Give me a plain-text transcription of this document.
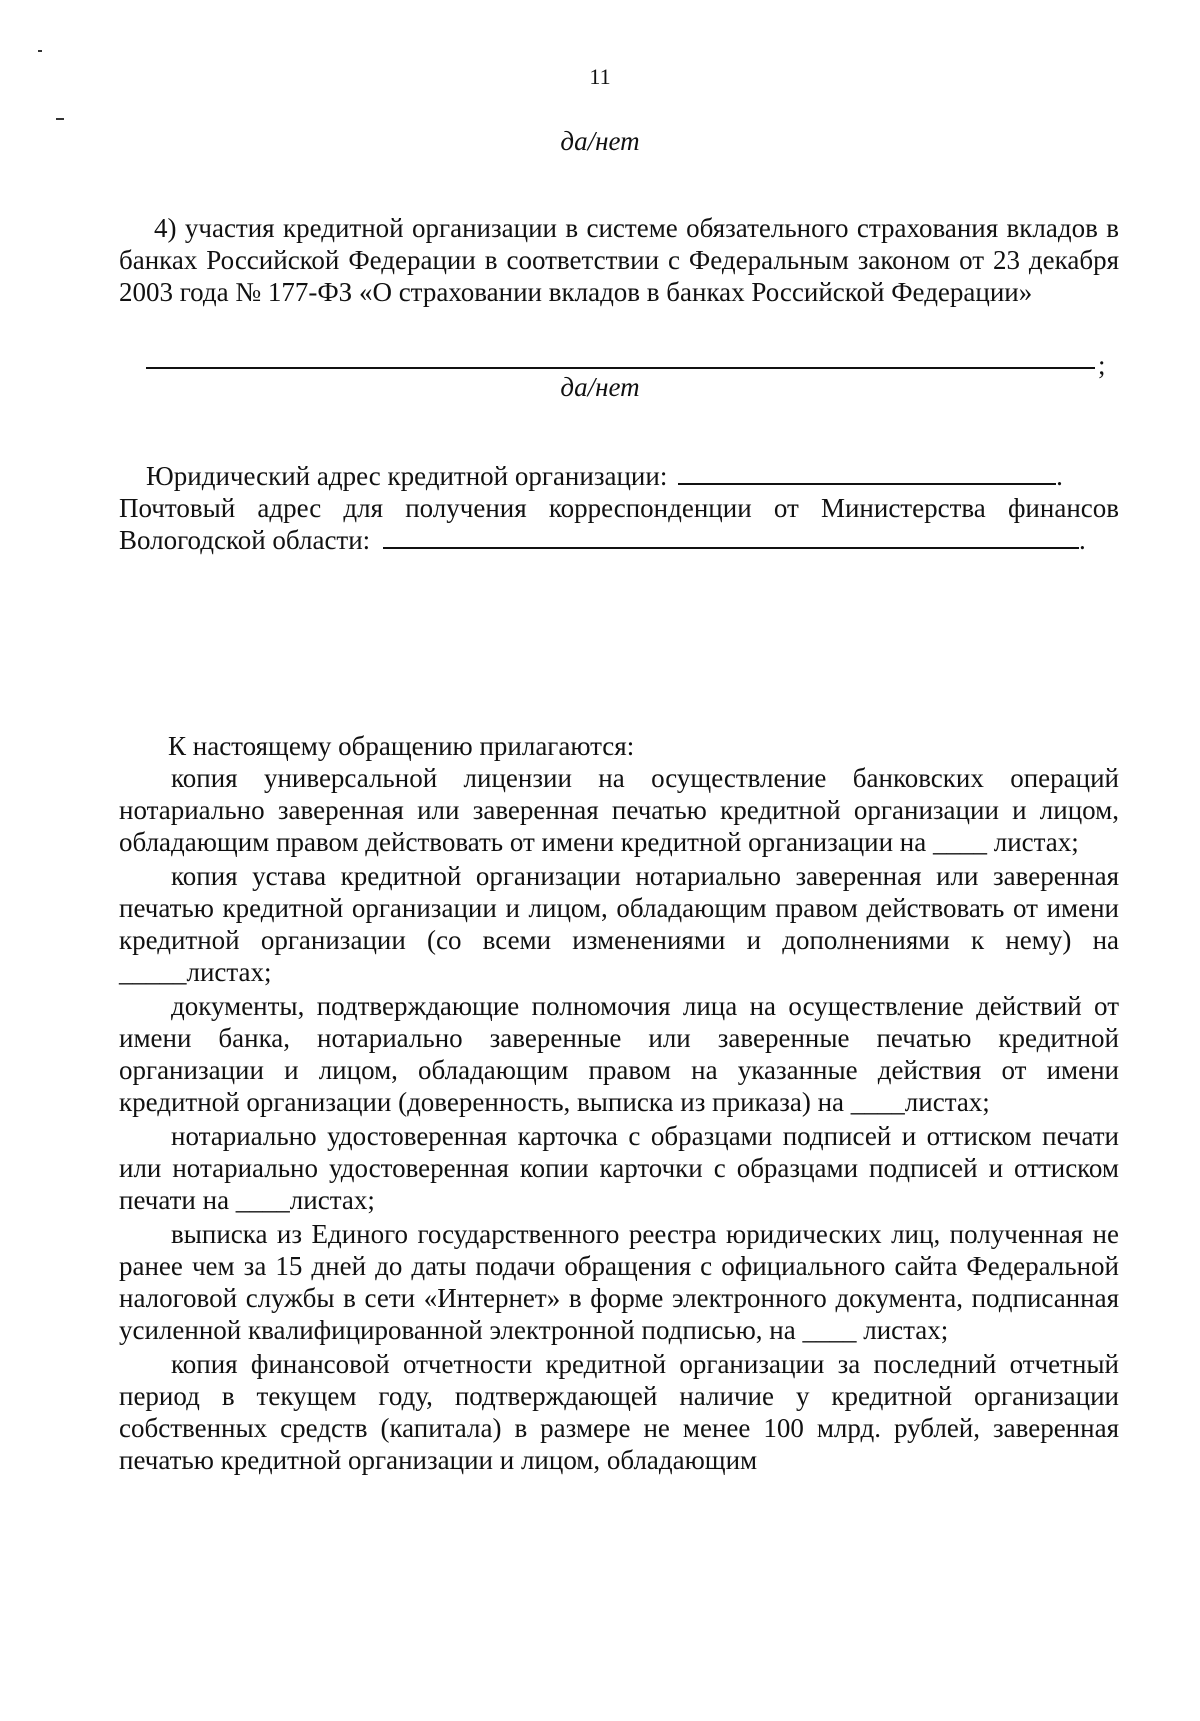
11
да/нет

4) участия кредитной организации в системе обязательного страхования вкладов в банках Российской Федерации в соответствии с Федеральным законом от 23 декабря 2003 года № 177-ФЗ «О страховании вкладов в банках Российской Федерации»

;
да/нет
Юридический адрес кредитной организации:	.
Почтовый адрес для получения корреспонденции от Министерства финансов
Вологодской области:	.
К настоящему обращению прилагаются:

копия универсальной лицензии на осуществление банковских операций нотариально заверенная или заверенная печатью кредитной организации и лицом, обладающим правом действовать от имени кредитной организации на ____ листах;

копия устава кредитной организации нотариально заверенная или заверенная печатью кредитной организации и лицом, обладающим правом действовать от имени кредитной организации (со всеми изменениями и дополнениями к нему) на _____листах;

документы, подтверждающие полномочия лица на осуществление действий от имени банка, нотариально заверенные или заверенные печатью кредитной организации и лицом, обладающим правом на указанные действия от имени кредитной организации (доверенность, выписка из приказа) на ____листах;

нотариально удостоверенная карточка с образцами подписей и оттиском печати или нотариально удостоверенная копии карточки с образцами подписей и оттиском печати на ____листах;

выписка из Единого государственного реестра юридических лиц, полученная не ранее чем за 15 дней до даты подачи обращения с официального сайта Федеральной налоговой службы в сети «Интернет» в форме электронного документа, подписанная усиленной квалифицированной электронной подписью, на ____ листах;

копия финансовой отчетности кредитной организации за последний отчетный период в текущем году, подтверждающей наличие у кредитной организации собственных средств (капитала) в размере не менее 100 млрд. рублей, заверенная печатью кредитной организации и лицом, обладающим
